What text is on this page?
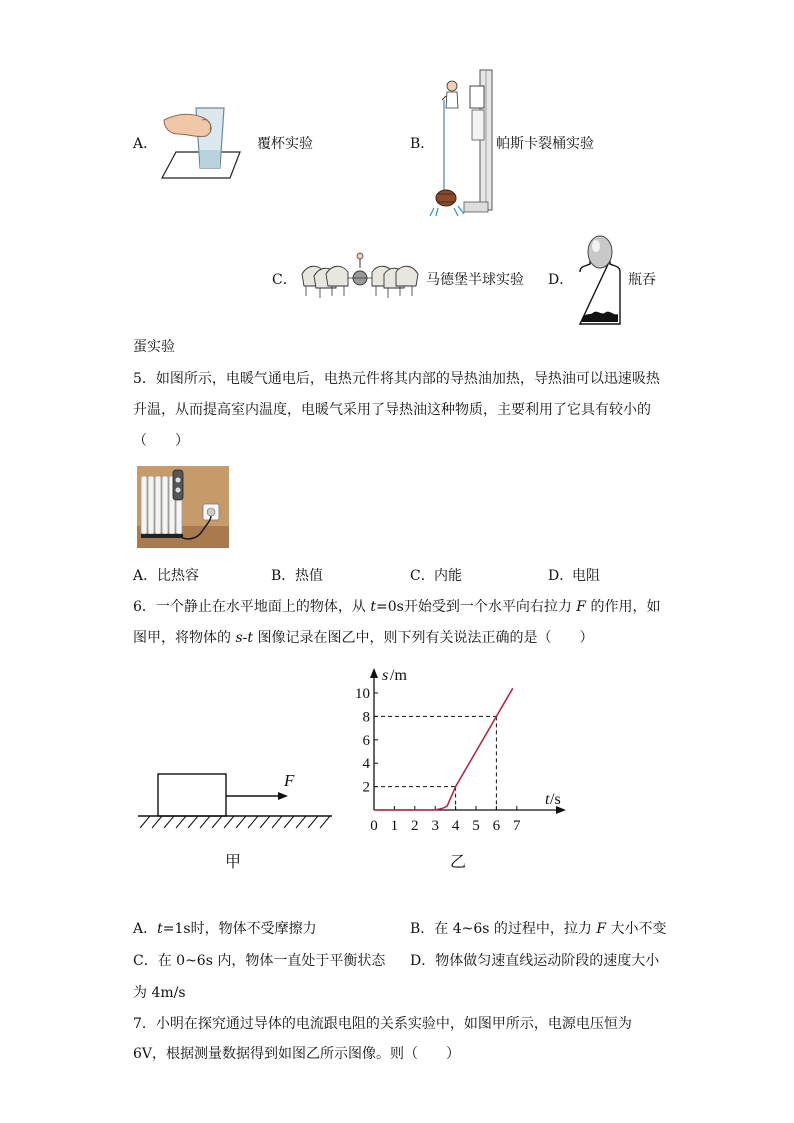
A．	覆杯实验	B．	帕斯卡裂桶实验
C．	马德堡半球实验 D．	瓶吞
蛋实验
5．如图所示，电暖气通电后，电热元件将其内部的导热油加热，导热油可以迅速吸热
升温，从而提高室内温度，电暖气采用了导热油这种物质，主要利用了它具有较小的
（　　）
A． 比热容	B． 热值	C． 内能	D．
电阻
6．一个静止在水平地面上的物体，从 t=0s开始受到一个水平向右拉力 F 的作用，如
图甲，将物体的 s-t 图像记录在图乙中，则下列有关说法正确的是（　　）
F
甲
s /m
t /s
2
4
6
8
10
0 1 2 3 4 5 6 7
乙
A．t=1s时，物体不受摩擦力	B．在 4~6s 的过程中，拉力 F 大小不变
C．在 0~6s 内，物体一直处于平衡状态 D．物体做匀速直线运动阶段的速度大小
为 4m/s
7．小明在探究通过导体的电流跟电阻的关系实验中，如图甲所示，电源电压恒为
6V，根据测量数据得到如图乙所示图像。则（　　）
